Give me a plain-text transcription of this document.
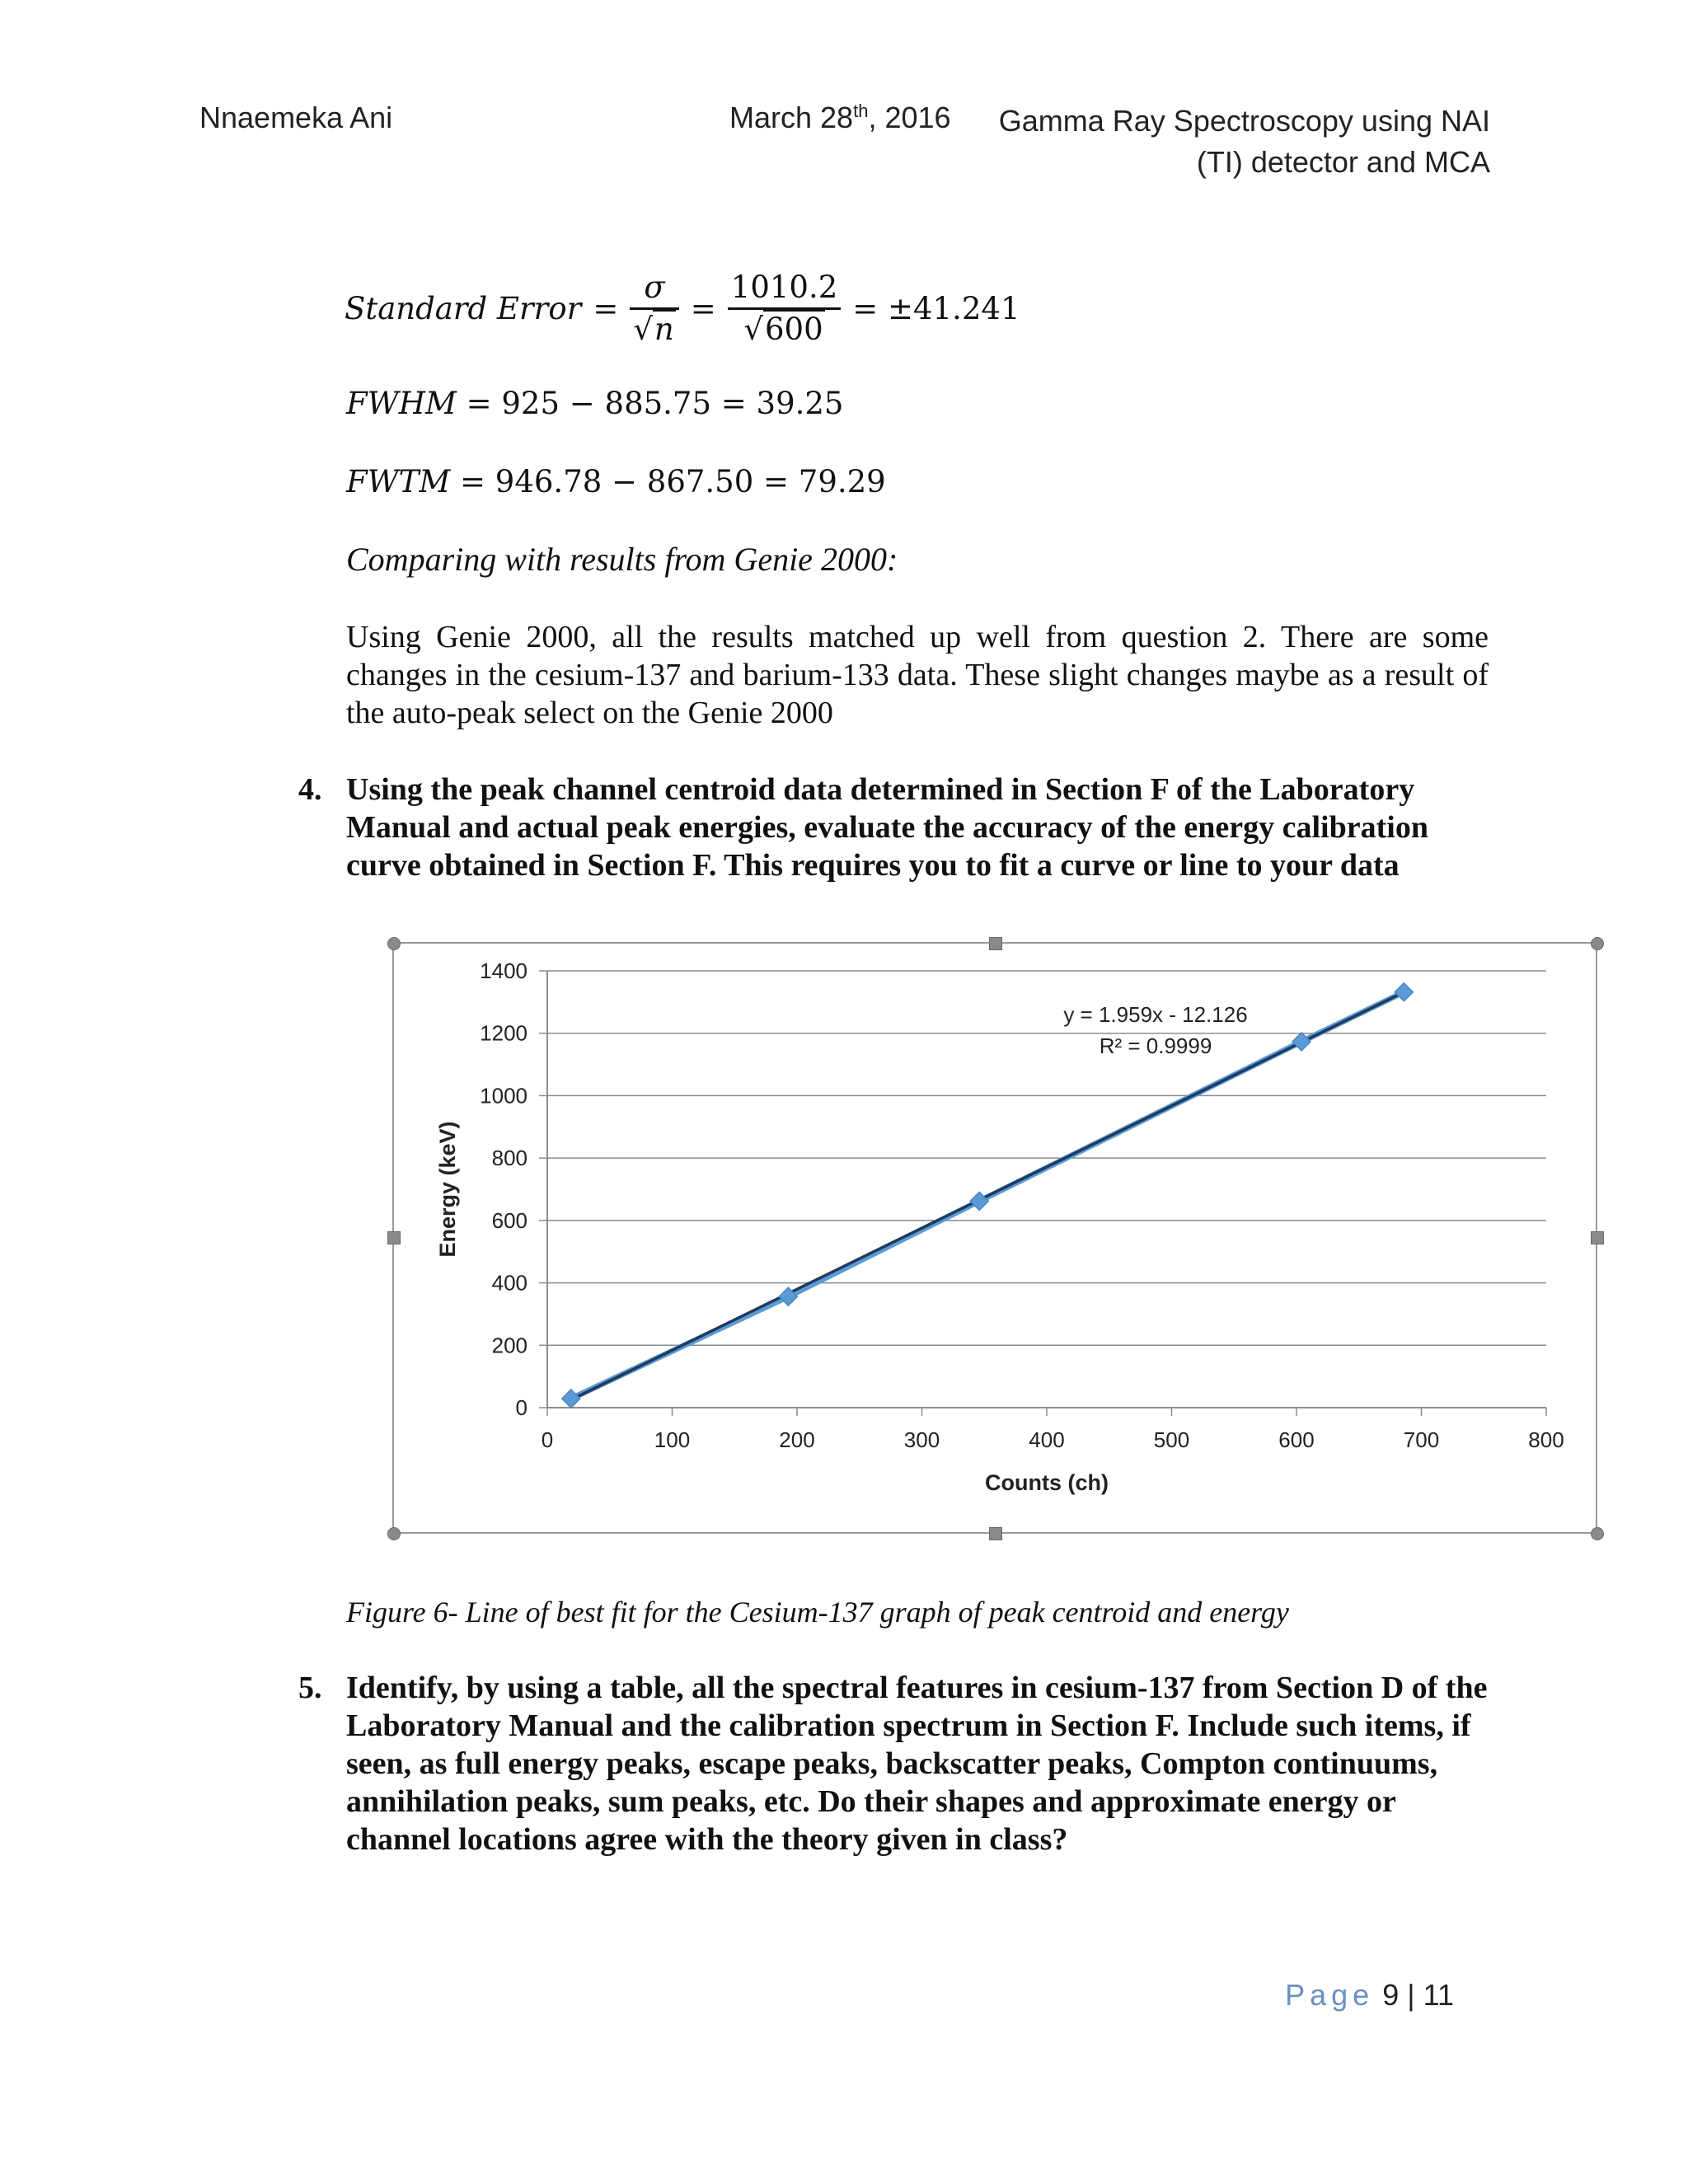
Nnaemeka Ani	March 28th, 2016 Gamma Ray Spectroscopy using NAI
(TI) detector and MCA
Standard Error = $\frac{\sigma}{√n} = \frac{1010.2}{√600} = \pm 41.241$
FWHM = 925 − 885.75 = 39.25
FWTM = 946.78 − 867.50 = 79.29
Comparing with results from Genie 2000:
Using Genie 2000, all the results matched up well from question 2. There are some changes in the cesium-137 and barium-133 data. These slight changes maybe as a result of the auto-peak select on the Genie 2000
4. Using the peak channel centroid data determined in Section F of the Laboratory Manual and actual peak energies, evaluate the accuracy of the energy calibration curve obtained in Section F. This requires you to fit a curve or line to your data
0
200
400
600
800
1000
1200
1400
0	100	200	300	400	500	600	700	800
Counts (ch)
Energy (keV)
y = 1.959x - 12.126
R² = 0.9999
Figure 6- Line of best fit for the Cesium-137 graph of peak centroid and energy
5. Identify, by using a table, all the spectral features in cesium-137 from Section D of the Laboratory Manual and the calibration spectrum in Section F. Include such items, if seen, as full energy peaks, escape peaks, backscatter peaks, Compton continuums, annihilation peaks, sum peaks, etc. Do their shapes and approximate energy or channel locations agree with the theory given in class?
Page 9 | 11
